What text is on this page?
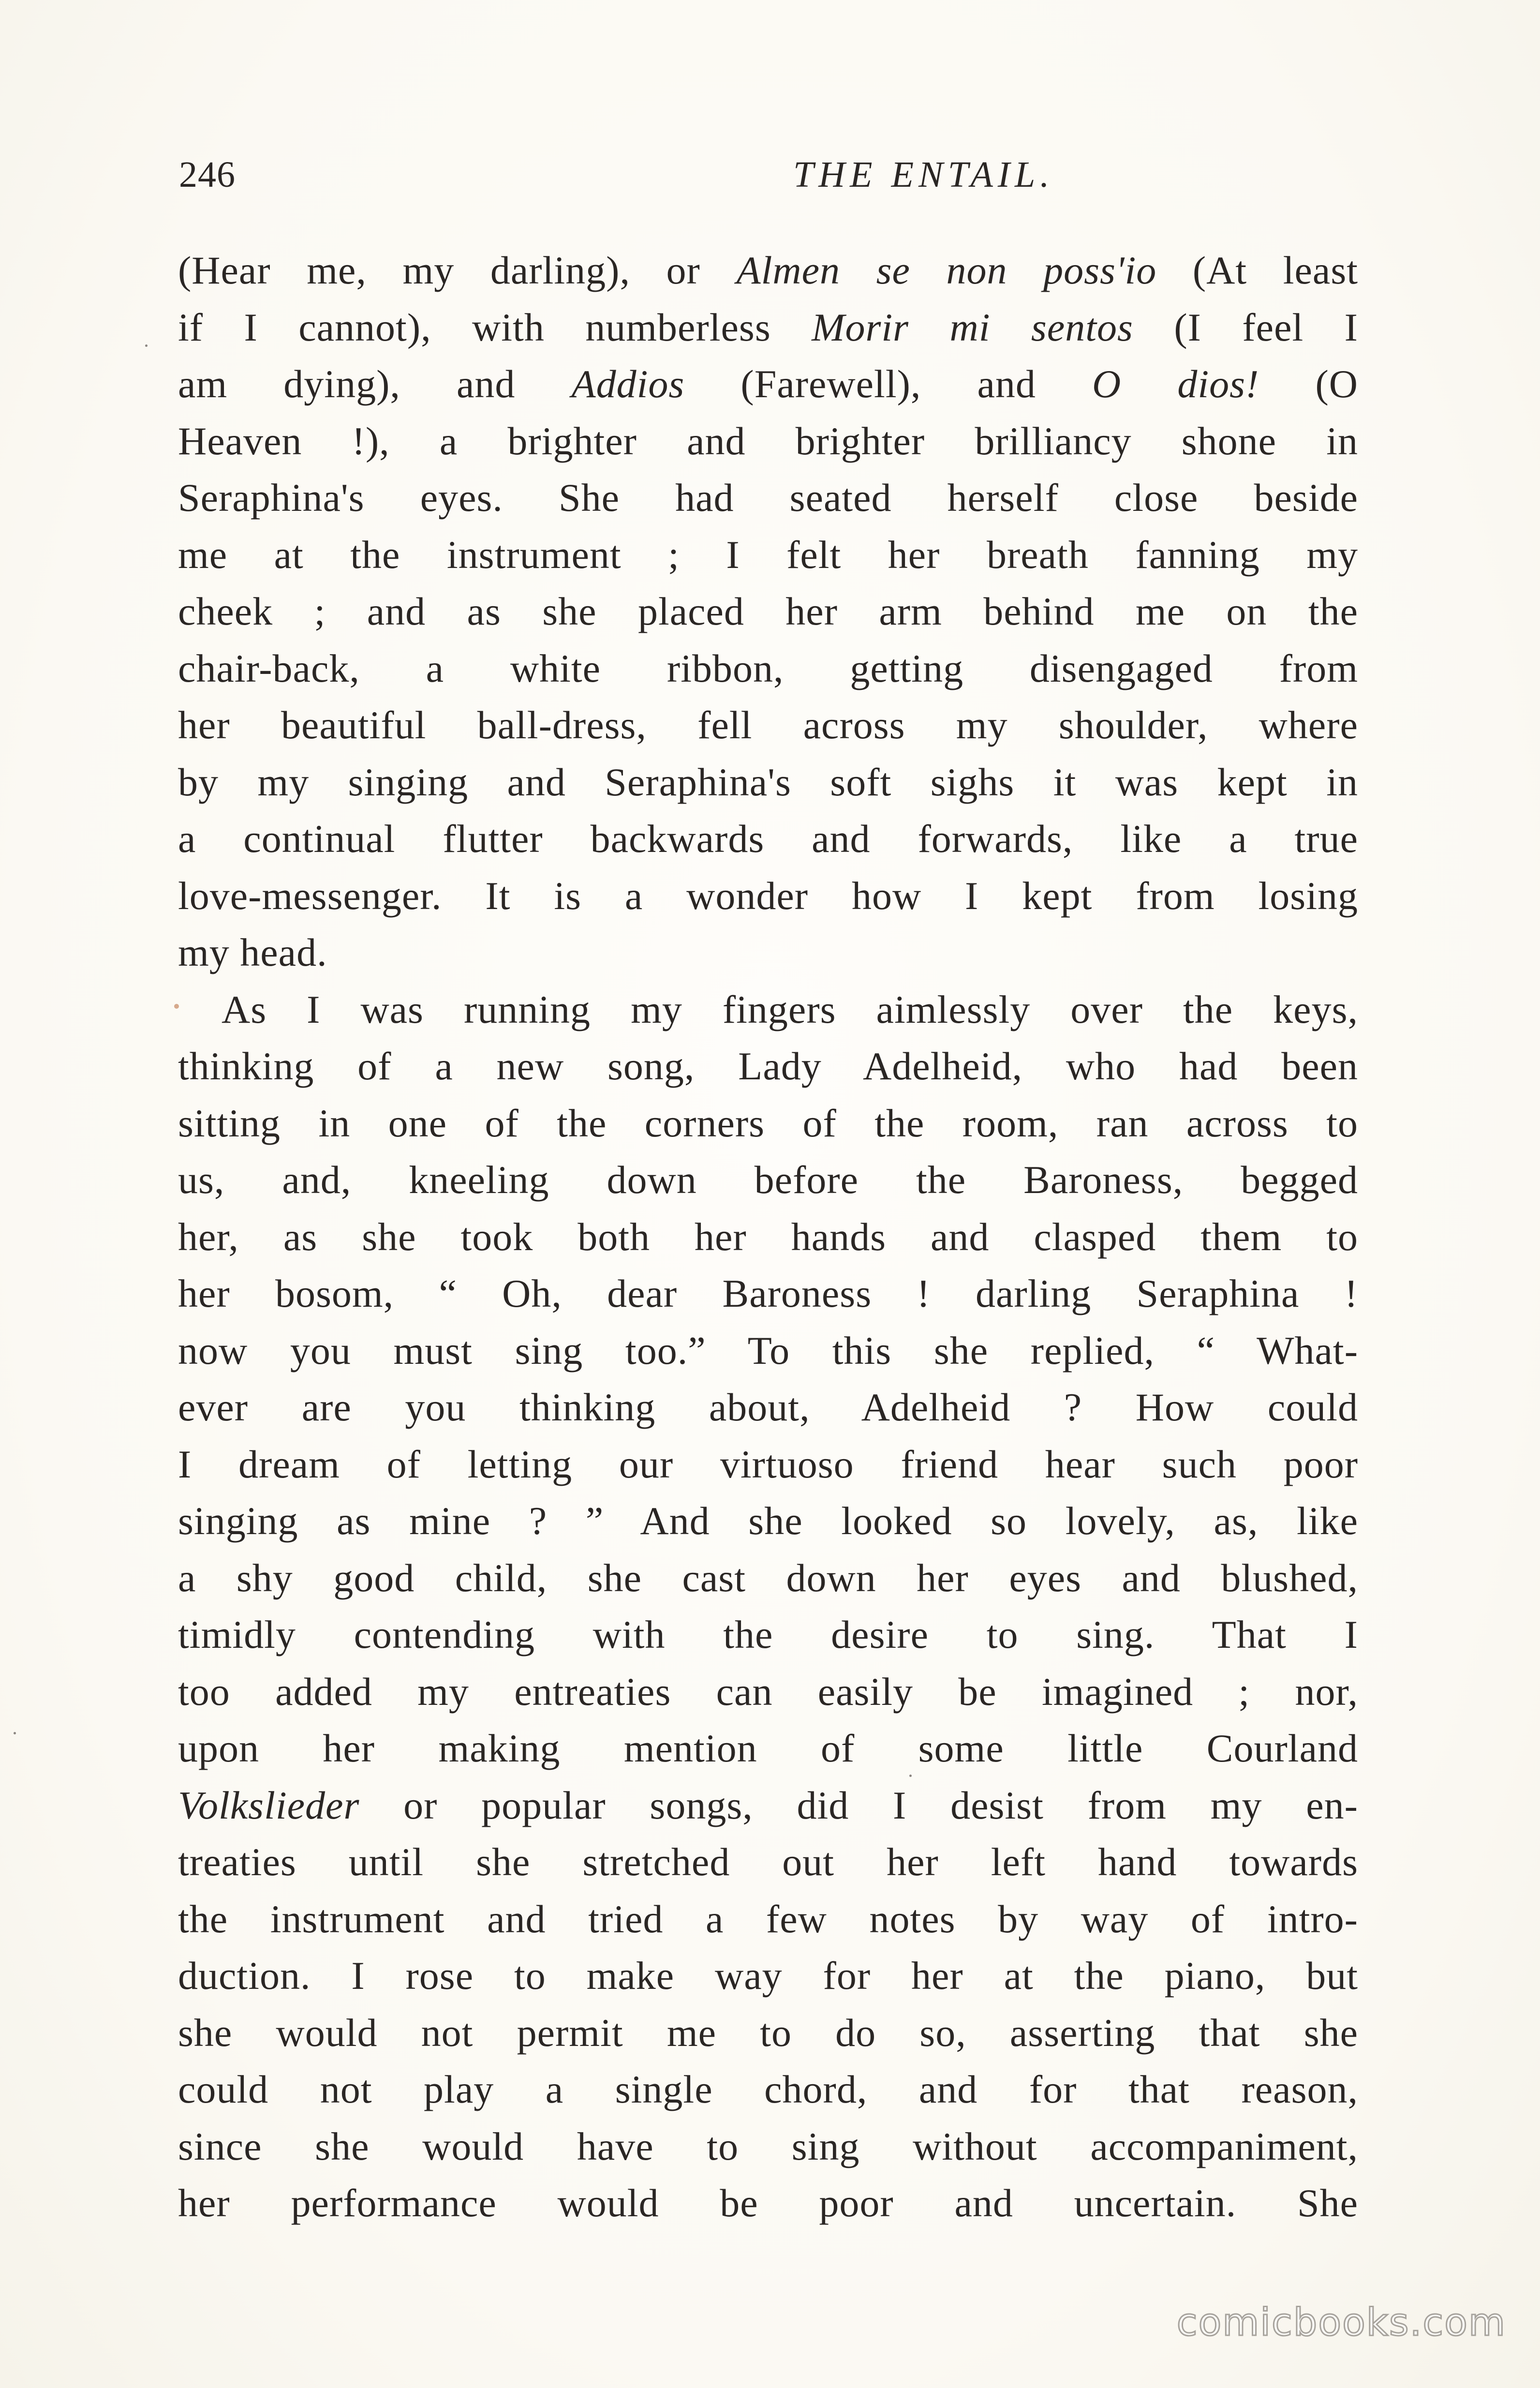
246	THE ENTAIL.
(Hear me, my darling), or Almen se non poss'io (At least
if I cannot), with numberless Morir mi sentos (I feel I
am dying), and Addios (Farewell), and O dios! (O
Heaven !), a brighter and brighter brilliancy shone in
Seraphina's eyes. She had seated herself close beside
me at the instrument ; I felt her breath fanning my
cheek ; and as she placed her arm behind me on the
chair-back, a white ribbon, getting disengaged from
her beautiful ball-dress, fell across my shoulder, where
by my singing and Seraphina's soft sighs it was kept in
a continual flutter backwards and forwards, like a true
love-messenger. It is a wonder how I kept from losing
my head.
As I was running my fingers aimlessly over the keys,
thinking of a new song, Lady Adelheid, who had been
sitting in one of the corners of the room, ran across to
us, and, kneeling down before the Baroness, begged
her, as she took both her hands and clasped them to
her bosom, “ Oh, dear Baroness ! darling Seraphina !
now you must sing too.” To this she replied, “ What-
ever are you thinking about, Adelheid ? How could
I dream of letting our virtuoso friend hear such poor
singing as mine ? ” And she looked so lovely, as, like
a shy good child, she cast down her eyes and blushed,
timidly contending with the desire to sing. That I
too added my entreaties can easily be imagined ; nor,
upon her making mention of some little Courland
Volkslieder or popular songs, did I desist from my en-
treaties until she stretched out her left hand towards
the instrument and tried a few notes by way of intro-
duction. I rose to make way for her at the piano, but
she would not permit me to do so, asserting that she
could not play a single chord, and for that reason,
since she would have to sing without accompaniment,
her performance would be poor and uncertain. She
comicbooks.com
